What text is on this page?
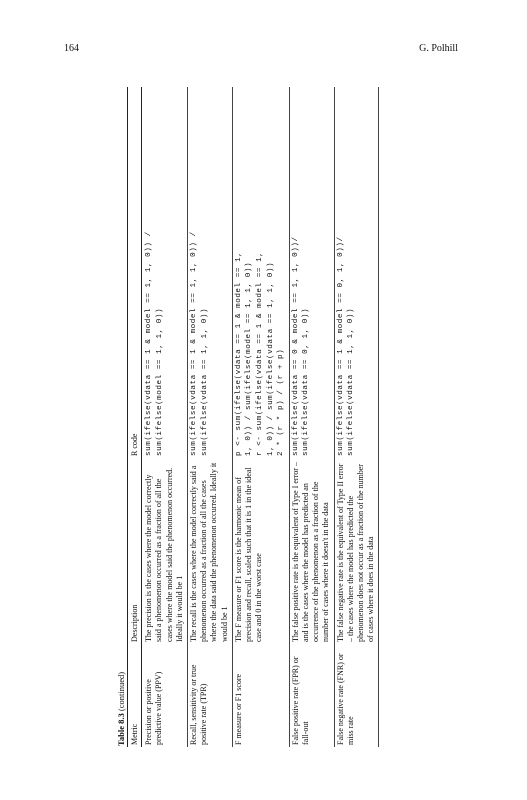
164	G. Polhill
Table 8.3 (continued)
Metric	Description	R code
Precision or positive predictive value (PPV)	The precision is the cases where the model correctly said a phenomenon occurred as a fraction of all the cases where the model said the phenomenon occurred. Ideally it would be 1	sum(ifelse(vdata == 1 & model == 1, 1, 0)) /
sum(ifelse(model == 1, 1, 0))
Recall, sensitivity or true positive rate (TPR)	The recall is the cases where the model correctly said a phenomenon occurred as a fraction of all the cases where the data said the phenomenon occurred. Ideally it would be 1	sum(ifelse(vdata == 1 & model == 1, 1, 0)) /
sum(ifelse(vdata == 1, 1, 0))
F measure or F1 score	The F measure or F1 score is the harmonic mean of precision and recall, scaled such that it is 1 in the ideal case and 0 in the worst case	p <- sum(ifelse(vdata == 1 & model == 1,
1, 0)) / sum(ifelse(model == 1, 1, 0))
r <- sum(ifelse(vdata == 1 & model == 1,
1, 0)) / sum(ifelse(vdata == 1, 1, 0))
2 * (r * p) / (r + p)
False positive rate (FPR) or fall-out	The false positive rate is the equivalent of Type I error – and is the cases where the model has predicted an occurrence of the phenomenon as a fraction of the number of cases where it doesn't in the data	sum(ifelse(vdata == 0 & model == 1, 1, 0))/
sum(ifelse(vdata == 0, 1, 0))
False negative rate (FNR) or miss rate	The false negative rate is the equivalent of Type II error – the cases where the model has predicted the phenomenon does not occur as a fraction of the number of cases where it does in the data	sum(ifelse(vdata == 1 & model == 0, 1, 0))/
sum(ifelse(vdata == 1, 1, 0))
